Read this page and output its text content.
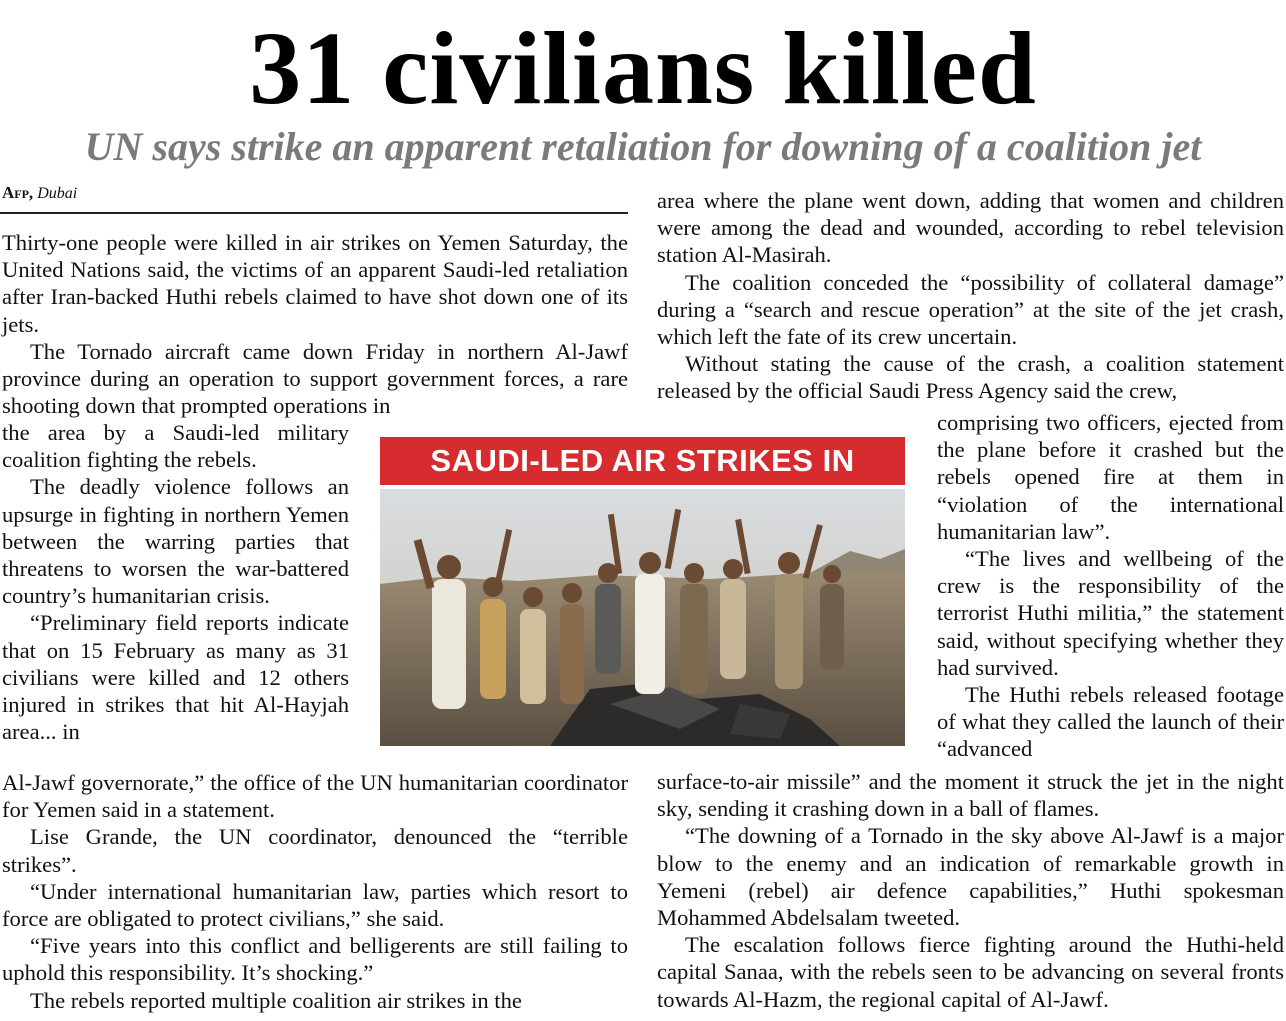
31 civilians killed
UN says strike an apparent retaliation for downing of a coalition jet
Afp, Dubai

Thirty-one people were killed in air strikes on Yemen Saturday, the United Nations said, the victims of an apparent Saudi-led retaliation after Iran-backed Huthi rebels claimed to have shot down one of its jets.

The Tornado aircraft came down Friday in northern Al-Jawf province during an operation to support government forces, a rare shooting down that prompted operations in

the area by a Saudi-led military coalition fighting the rebels.

The deadly violence follows an upsurge in fighting in northern Yemen between the warring parties that threatens to worsen the war-battered country’s humanitarian crisis.

“Preliminary field reports indicate that on 15 February as many as 31 civilians were killed and 12 others injured in strikes that hit Al-Hayjah area... in

Al-Jawf governorate,” the office of the UN humanitarian coordinator for Yemen said in a statement.

Lise Grande, the UN coordinator, denounced the “terrible strikes”.

“Under international humanitarian law, parties which resort to force are obligated to protect civilians,” she said.

“Five years into this conflict and belligerents are still failing to uphold this responsibility. It’s shocking.”

The rebels reported multiple coalition air strikes in the

area where the plane went down, adding that women and children were among the dead and wounded, according to rebel television station Al-Masirah.

The coalition conceded the “possibility of collateral damage” during a “search and rescue operation” at the site of the jet crash, which left the fate of its crew uncertain.

Without stating the cause of the crash, a coalition statement released by the official Saudi Press Agency said the crew,

comprising two officers, ejected from the plane before it crashed but the rebels opened fire at them in “violation of the international humanitarian law”.

“The lives and wellbeing of the crew is the responsibility of the terrorist Huthi militia,” the statement said, without specifying whether they had survived.

The Huthi rebels released footage of what they called the launch of their “advanced

surface-to-air missile” and the moment it struck the jet in the night sky, sending it crashing down in a ball of flames.

“The downing of a Tornado in the sky above Al-Jawf is a major blow to the enemy and an indication of remarkable growth in Yemeni (rebel) air defence capabilities,” Huthi spokesman Mohammed Abdelsalam tweeted.

The escalation follows fierce fighting around the Huthi-held capital Sanaa, with the rebels seen to be advancing on several fronts towards Al-Hazm, the regional capital of Al-Jawf.

SAUDI-LED AIR STRIKES IN
